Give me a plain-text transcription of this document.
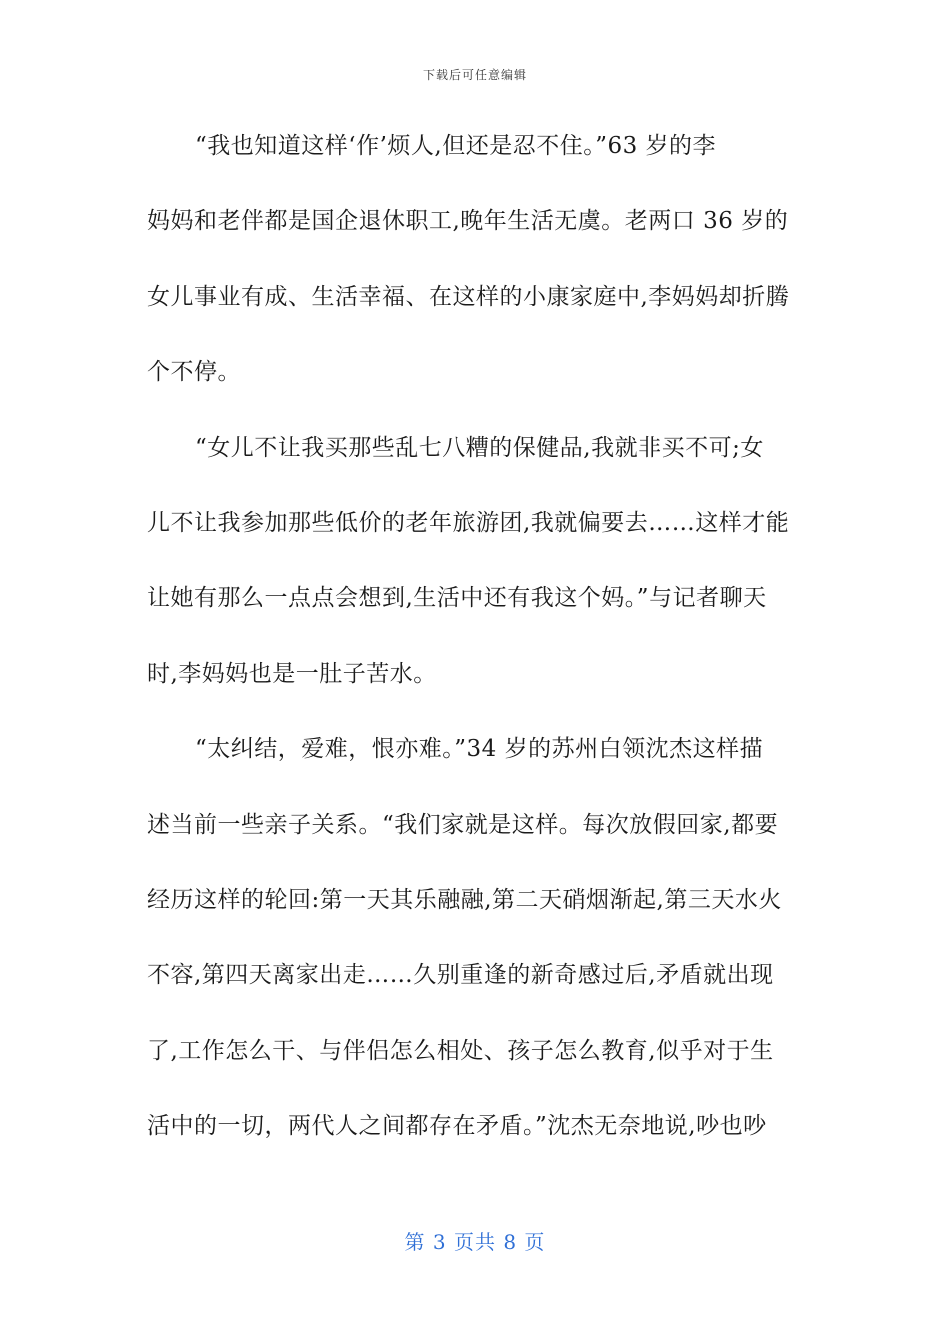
下载后可任意编辑
“我也知道这样‘作’烦人,但还是忍不住。”63 岁的李
妈妈和老伴都是国企退休职工,晚年生活无虞。老两口 36 岁的
女儿事业有成、生活幸福、在这样的小康家庭中,李妈妈却折腾
个不停。
“女儿不让我买那些乱七八糟的保健品,我就非买不可;女
儿不让我参加那些低价的老年旅游团,我就偏要去……这样才能
让她有那么一点点会想到,生活中还有我这个妈。”与记者聊天
时,李妈妈也是一肚子苦水。
“太纠结，爱难，恨亦难。”34 岁的苏州白领沈杰这样描
述当前一些亲子关系。“我们家就是这样。每次放假回家,都要
经历这样的轮回:第一天其乐融融,第二天硝烟渐起,第三天水火
不容,第四天离家出走……久别重逢的新奇感过后,矛盾就出现
了,工作怎么干、与伴侣怎么相处、孩子怎么教育,似乎对于生
活中的一切，两代人之间都存在矛盾。”沈杰无奈地说,吵也吵
第 3 页共 8 页
